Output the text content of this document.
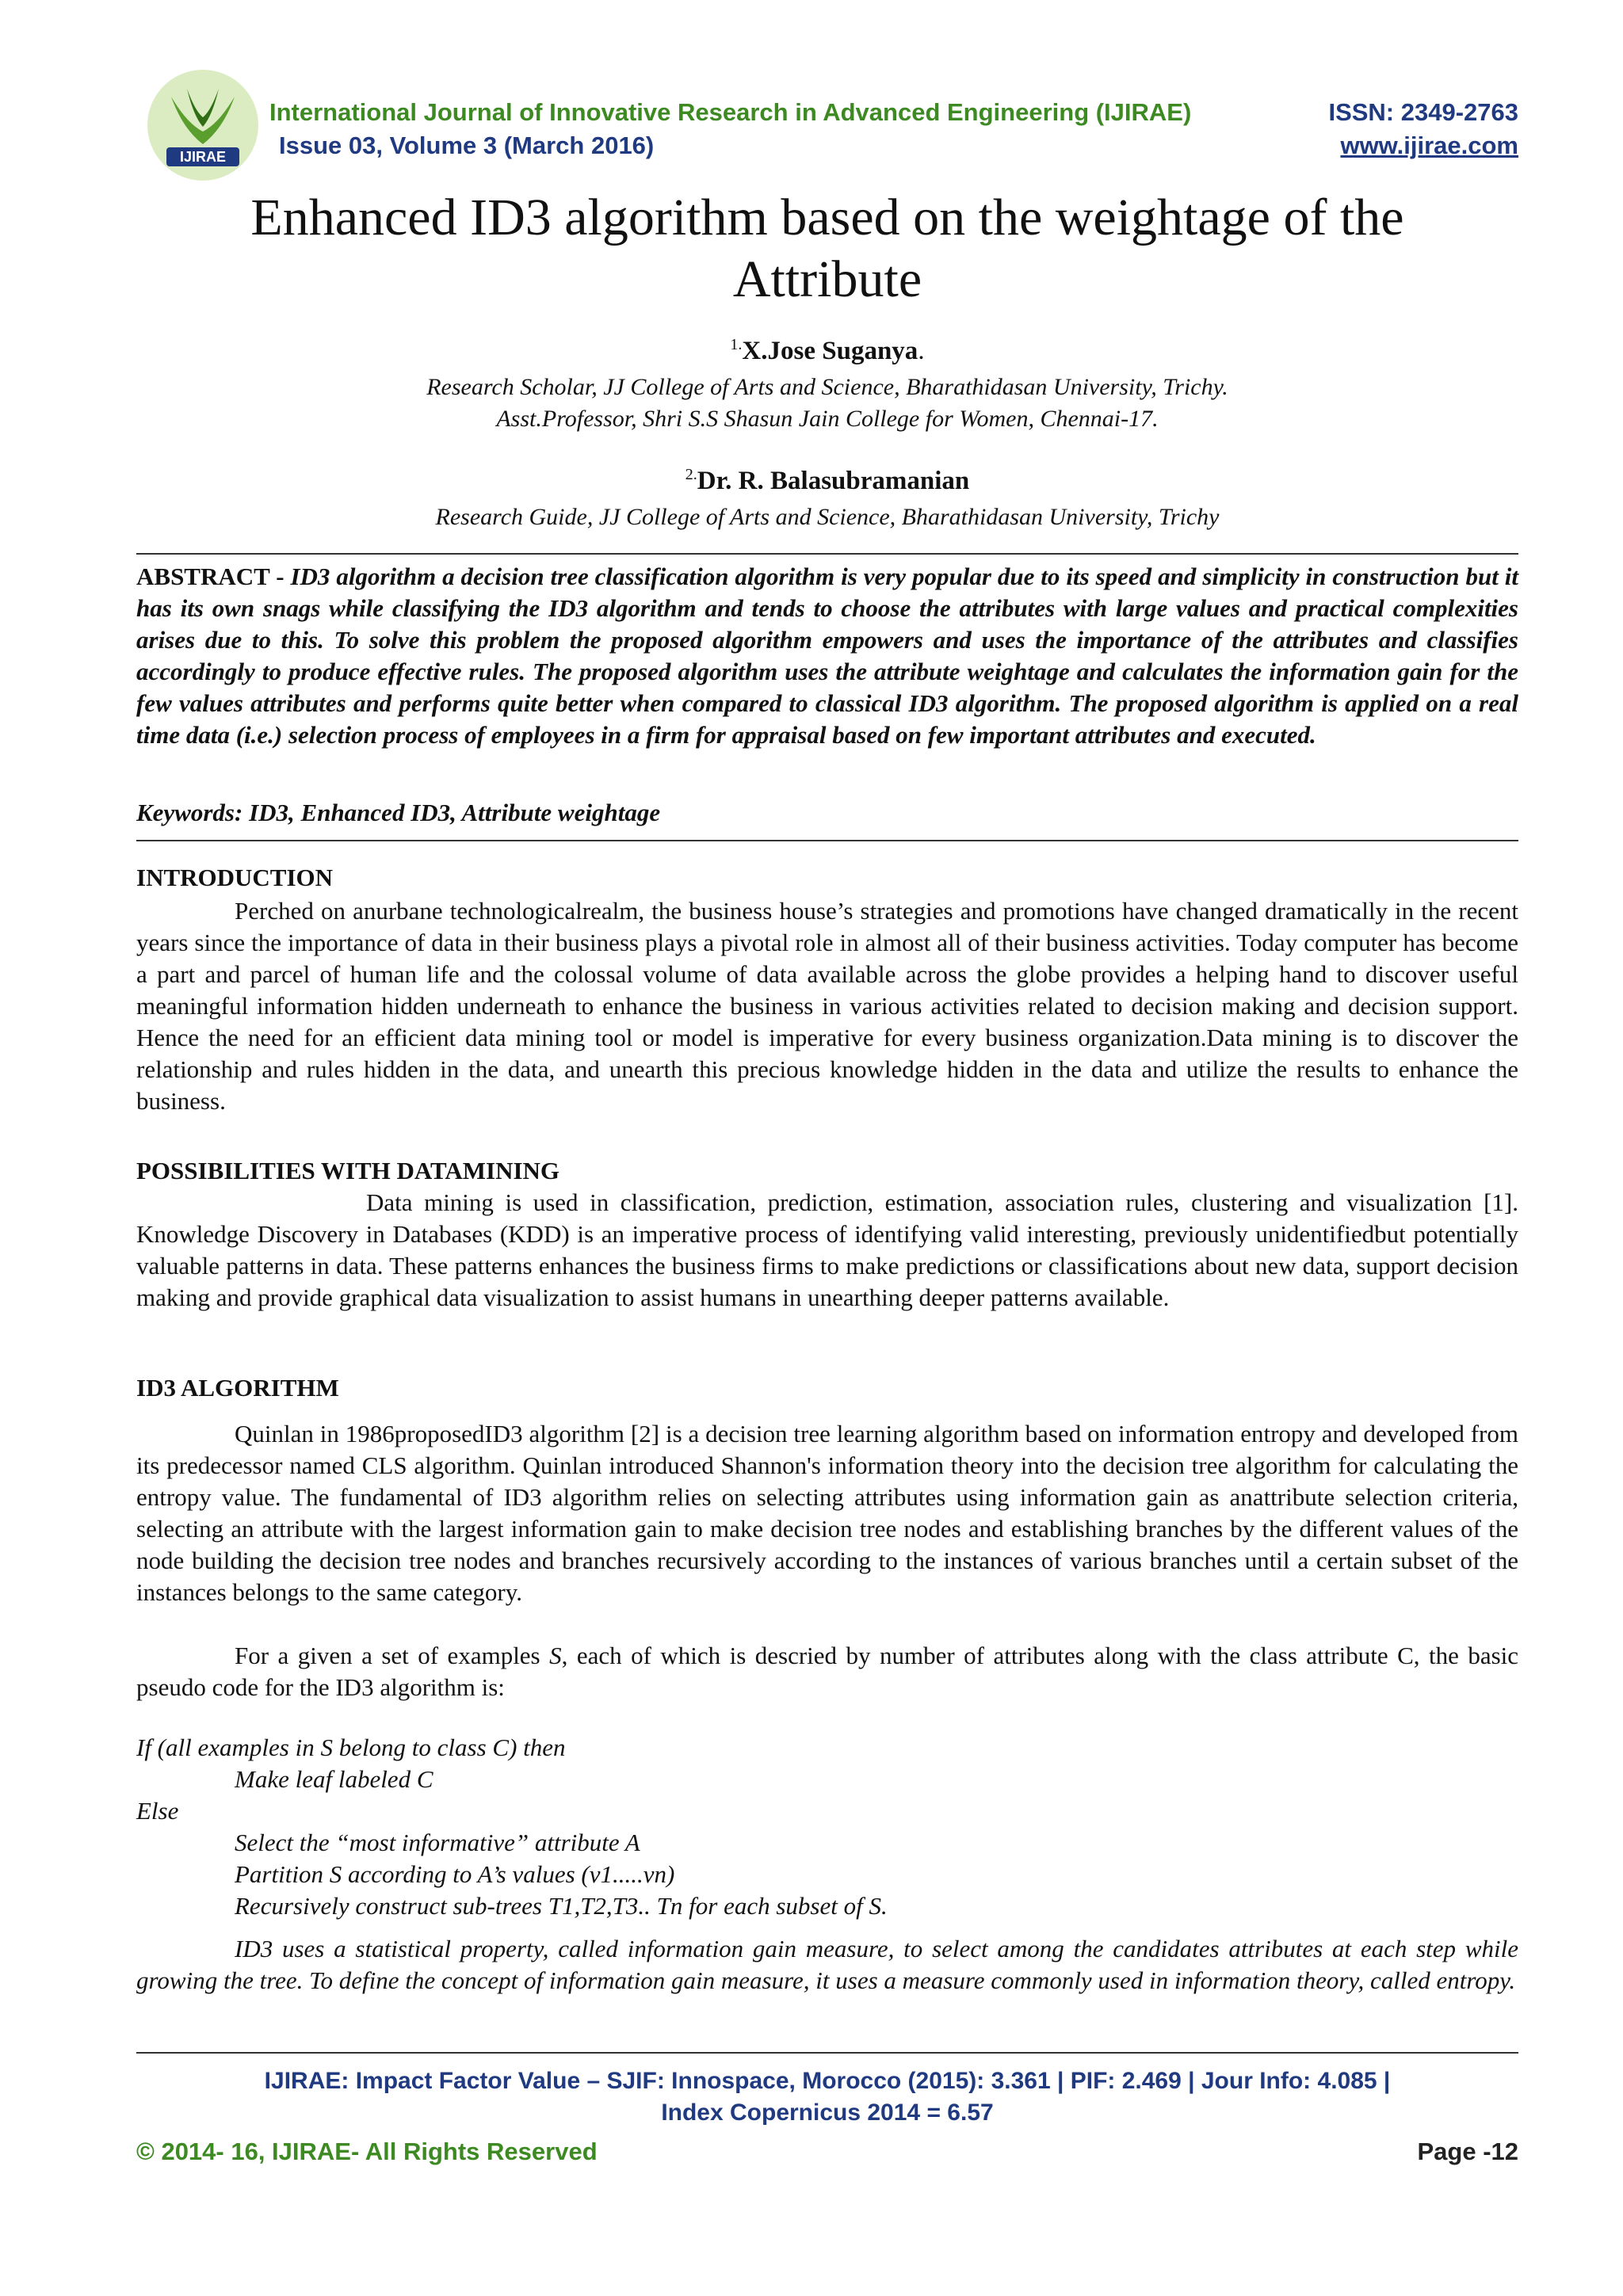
IJIRAE
International Journal of Innovative Research in Advanced Engineering (IJIRAE)
Issue 03, Volume 3 (March 2016)
ISSN: 2349-2763
www.ijirae.com
Enhanced ID3 algorithm based on the weightage of the
Attribute
$^{1.}$X.Jose Suganya.
Research Scholar, JJ College of Arts and Science, Bharathidasan University, Trichy.
Asst.Professor, Shri S.S Shasun Jain College for Women, Chennai-17.
$^{2.}$Dr. R. Balasubramanian
Research Guide, JJ College of Arts and Science, Bharathidasan University, Trichy
ABSTRACT - ID3 algorithm a decision tree classification algorithm is very popular due to its speed and simplicity in construction but it has its own snags while classifying the ID3 algorithm and tends to choose the attributes with large values and practical complexities arises due to this. To solve this problem the proposed algorithm empowers and uses the importance of the attributes and classifies accordingly to produce effective rules. The proposed algorithm uses the attribute weightage and calculates the information gain for the few values attributes and performs quite better when compared to classical ID3 algorithm. The proposed algorithm is applied on a real time data (i.e.) selection process of employees in a firm for appraisal based on few important attributes and executed.
Keywords: ID3, Enhanced ID3, Attribute weightage
INTRODUCTION
Perched on anurbane technologicalrealm, the business house’s strategies and promotions have changed dramatically in the recent years since the importance of data in their business plays a pivotal role in almost all of their business activities. Today computer has become a part and parcel of human life and the colossal volume of data available across the globe provides a helping hand to discover useful meaningful information hidden underneath to enhance the business in various activities related to decision making and decision support. Hence the need for an efficient data mining tool or model is imperative for every business organization.Data mining is to discover the relationship and rules hidden in the data, and unearth this precious knowledge hidden in the data and utilize the results to enhance the business.
POSSIBILITIES WITH DATAMINING
Data mining is used in classification, prediction, estimation, association rules, clustering and visualization [1]. Knowledge Discovery in Databases (KDD) is an imperative process of identifying valid interesting, previously unidentifiedbut potentially valuable patterns in data. These patterns enhances the business firms to make predictions or classifications about new data, support decision making and provide graphical data visualization to assist humans in unearthing deeper patterns available.
ID3 ALGORITHM
Quinlan in 1986proposedID3 algorithm [2] is a decision tree learning algorithm based on information entropy and developed from its predecessor named CLS algorithm. Quinlan introduced Shannon's information theory into the decision tree algorithm for calculating the entropy value. The fundamental of ID3 algorithm relies on selecting attributes using information gain as anattribute selection criteria, selecting an attribute with the largest information gain to make decision tree nodes and establishing branches by the different values of the node building the decision tree nodes and branches recursively according to the instances of various branches until a certain subset of the instances belongs to the same category.
For a given a set of examples S, each of which is descried by number of attributes along with the class attribute C, the basic pseudo code for the ID3 algorithm is:
If (all examples in S belong to class C) then
Make leaf labeled C
Else
Select the “most informative” attribute A
Partition S according to A’s values (v1.....vn)
Recursively construct sub-trees T1,T2,T3.. Tn for each subset of S.
ID3 uses a statistical property, called information gain measure, to select among the candidates attributes at each step while growing the tree. To define the concept of information gain measure, it uses a measure commonly used in information theory, called entropy.
IJIRAE: Impact Factor Value – SJIF: Innospace, Morocco (2015): 3.361 | PIF: 2.469 | Jour Info: 4.085 |
Index Copernicus 2014 = 6.57
© 2014- 16, IJIRAE- All Rights Reserved	Page -12
